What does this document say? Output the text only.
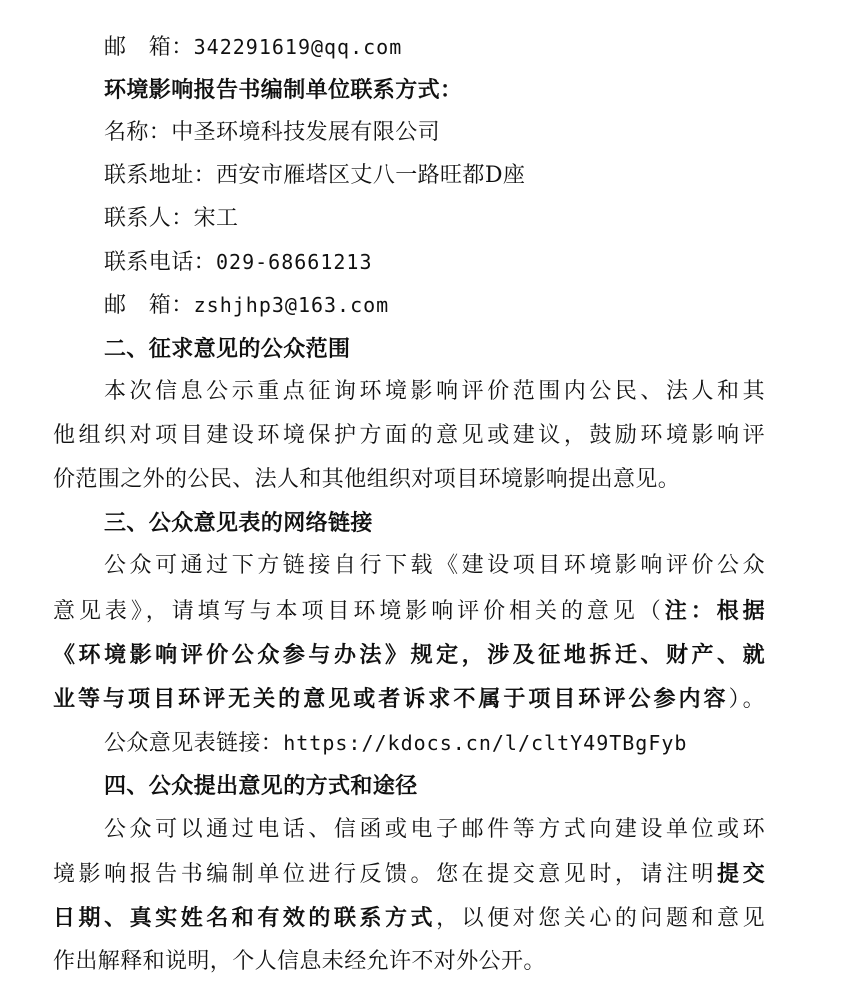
邮　箱：342291619@qq.com
环境影响报告书编制单位联系方式：
名称：中圣环境科技发展有限公司
联系地址：西安市雁塔区丈八一路旺都D座
联系人：宋工
联系电话：029-68661213
邮　箱：zshjhp3@163.com
二、征求意见的公众范围
本次信息公示重点征询环境影响评价范围内公民、法人和其
他组织对项目建设环境保护方面的意见或建议，鼓励环境影响评
价范围之外的公民、法人和其他组织对项目环境影响提出意见。
三、公众意见表的网络链接
公众可通过下方链接自行下载《建设项目环境影响评价公众
意见表》，请填写与本项目环境影响评价相关的意见（注：根据
《环境影响评价公众参与办法》规定，涉及征地拆迁、财产、就
业等与项目环评无关的意见或者诉求不属于项目环评公参内容）。
公众意见表链接：https://kdocs.cn/l/cltY49TBgFyb
四、公众提出意见的方式和途径
公众可以通过电话、信函或电子邮件等方式向建设单位或环
境影响报告书编制单位进行反馈。您在提交意见时，请注明提交
日期、真实姓名和有效的联系方式，以便对您关心的问题和意见
作出解释和说明，个人信息未经允许不对外公开。
